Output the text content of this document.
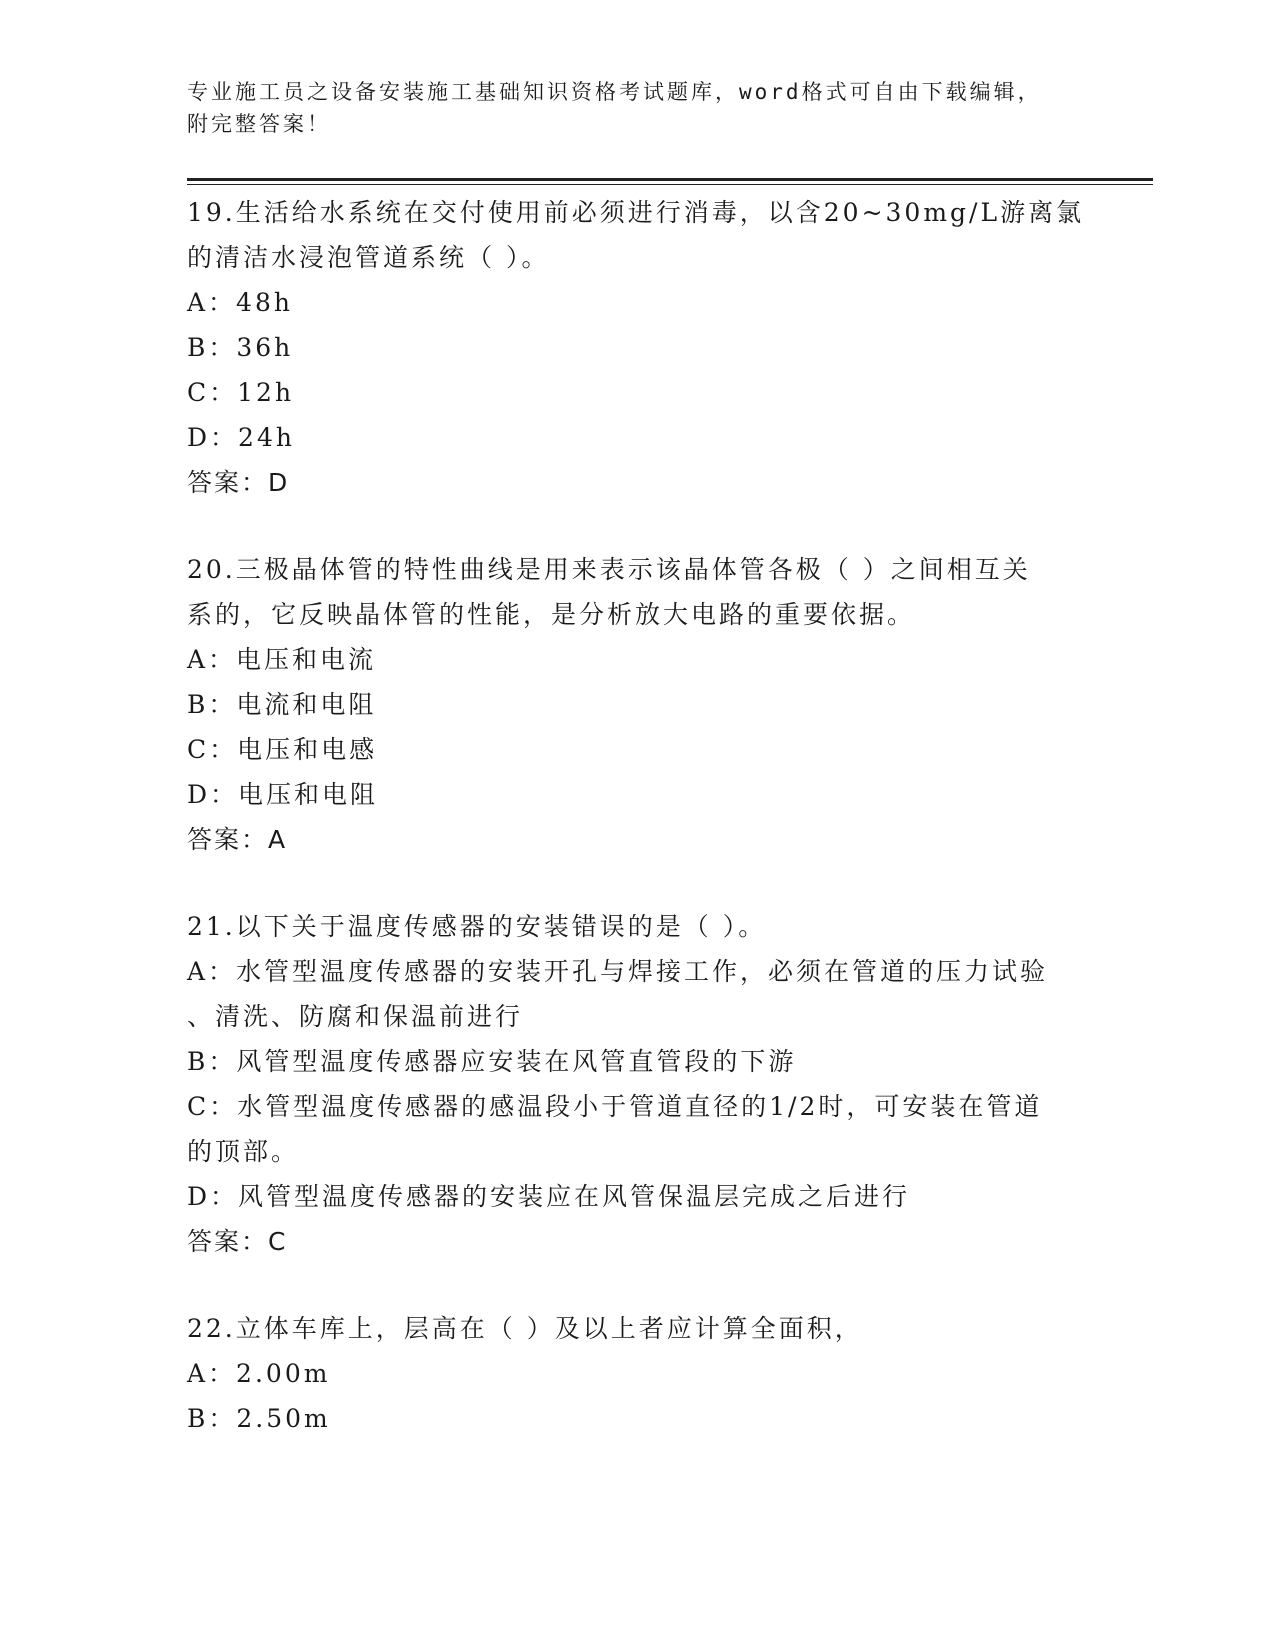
专业施工员之设备安装施工基础知识资格考试题库，word格式可自由下载编辑，
附完整答案！
19.生活给水系统在交付使用前必须进行消毒，以含20~30mg/L游离氯
的清洁水浸泡管道系统（ ）。
A：48h
B：36h
C：12h
D：24h
答案：D
20.三极晶体管的特性曲线是用来表示该晶体管各极（ ）之间相互关
系的，它反映晶体管的性能，是分析放大电路的重要依据。
A：电压和电流
B：电流和电阻
C：电压和电感
D：电压和电阻
答案：A
21.以下关于温度传感器的安装错误的是（ ）。
A：水管型温度传感器的安装开孔与焊接工作，必须在管道的压力试验
、清洗、防腐和保温前进行
B：风管型温度传感器应安装在风管直管段的下游
C：水管型温度传感器的感温段小于管道直径的1/2时，可安装在管道
的顶部。
D：风管型温度传感器的安装应在风管保温层完成之后进行
答案：C
22.立体车库上，层高在（ ）及以上者应计算全面积，
A：2.00m
B：2.50m
